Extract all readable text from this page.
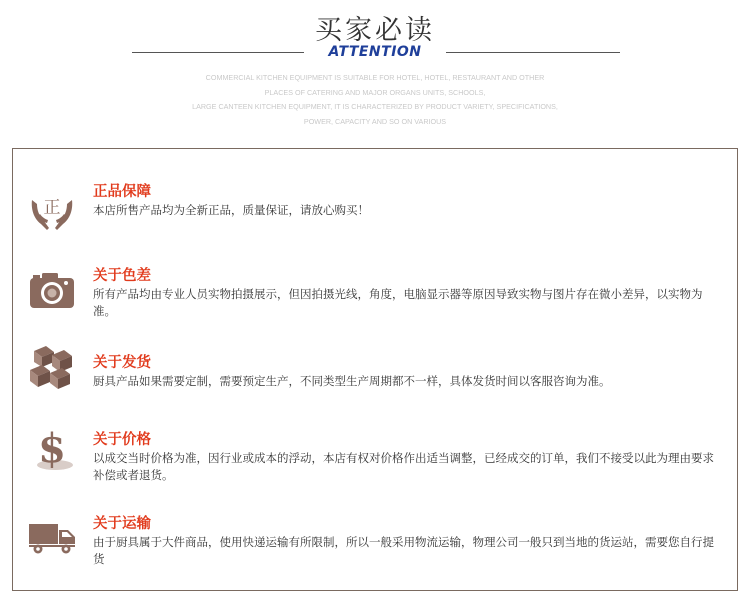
买家必读
ATTENTION
COMMERCIAL KITCHEN EQUIPMENT IS SUITABLE FOR HOTEL, HOTEL, RESTAURANT AND OTHER
PLACES OF CATERING AND MAJOR ORGANS UNITS, SCHOOLS,
LARGE CANTEEN KITCHEN EQUIPMENT, IT IS CHARACTERIZED BY PRODUCT VARIETY, SPECIFICATIONS,
POWER, CAPACITY AND SO ON VARIOUS
正
正品保障
本店所售产品均为全新正品，质量保证，请放心购买！
关于色差
所有产品均由专业人员实物拍摄展示，但因拍摄光线，角度，电脑显示器等原因导致实物与图片存在微小差异，以实物为准。
关于发货
厨具产品如果需要定制，需要预定生产，不同类型生产周期都不一样，具体发货时间以客服咨询为准。
$ 关于价格
以成交当时价格为准，因行业或成本的浮动，本店有权对价格作出适当调整，已经成交的订单，我们不接受以此为理由要求补偿或者退货。
关于运输
由于厨具属于大件商品，使用快递运输有所限制，所以一般采用物流运输，物理公司一般只到当地的货运站，需要您自行提货
